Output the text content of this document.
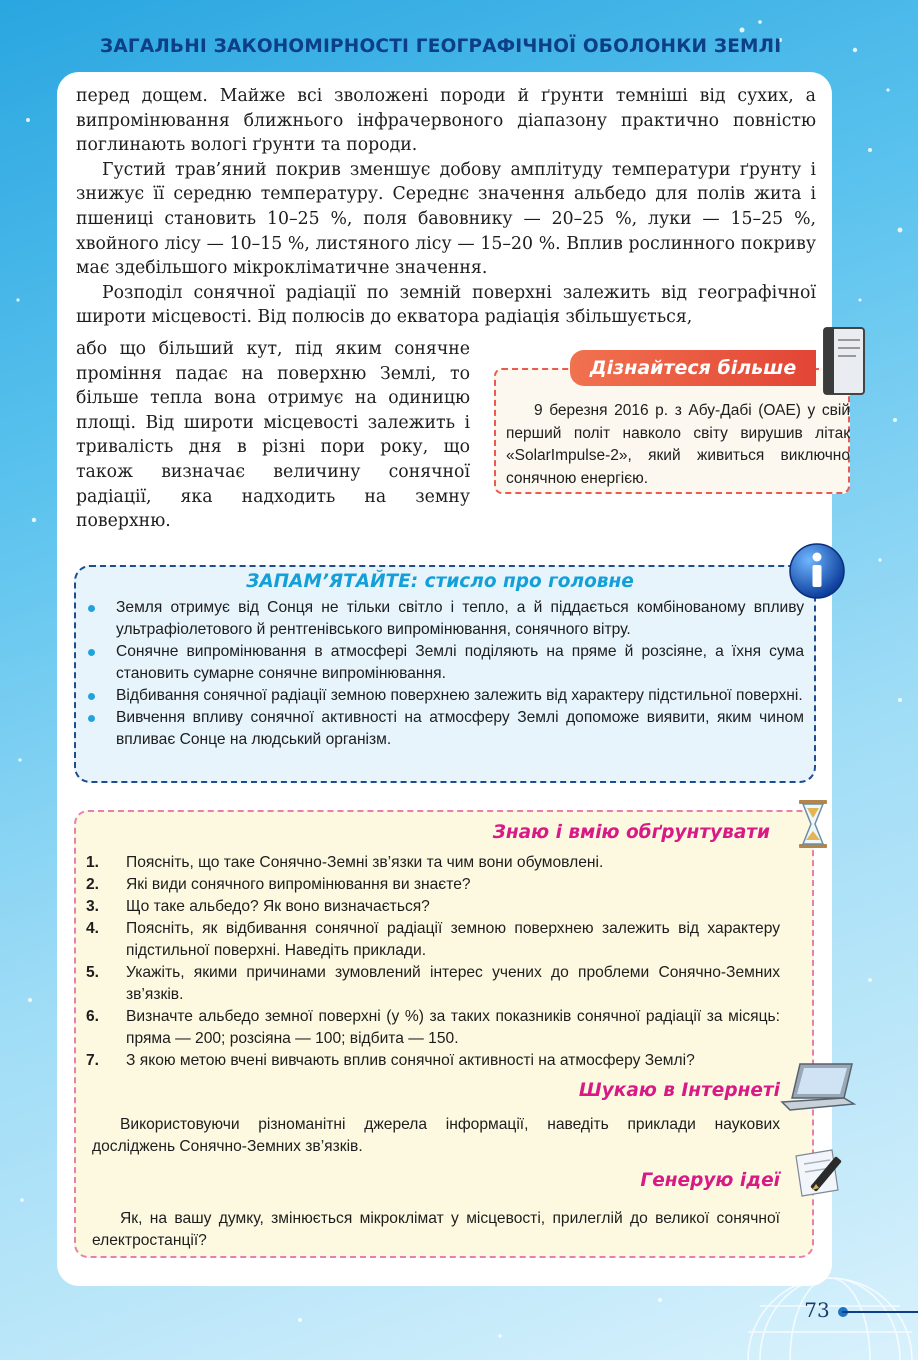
ЗАГАЛЬНІ ЗАКОНОМІРНОСТІ ГЕОГРАФІЧНОЇ ОБОЛОНКИ ЗЕМЛІ

перед дощем. Майже всі зволожені породи й ґрунти темніші від сухих, а випромінювання ближнього інфрачервоного діапазону практично повністю поглинають вологі ґрунти та породи.

Густий трав’яний покрив зменшує добову амплітуду температури ґрунту і знижує її середню температуру. Середнє значення альбедо для полів жита і пшениці становить 10–25 %, поля бавовнику — 20–25 %, луки — 15–25 %, хвойного лісу — 10–15 %, листяного лісу — 15–20 %. Вплив рослинного покриву має здебільшого мікрокліматичне значення.

Розподіл сонячної радіації по земній поверхні залежить від географічної широти місцевості. Від полюсів до екватора радіація збільшується,

або що більший кут, під яким сонячне проміння падає на поверхню Землі, то більше тепла вона отримує на одиницю площі. Від широти місцевості залежить і тривалість дня в різні пори року, що також визначає величину сонячної радіації, яка надходить на земну поверхню.
Дізнайтеся більше
9 березня 2016 р. з Абу-Дабі (ОАЕ) у свій перший політ навколо світу вирушив літак «SolarImpulse-2», який живиться виключно сонячною енергією.
ЗАПАМ’ЯТАЙТЕ: стисло про головне
Земля отримує від Сонця не тільки світло і тепло, а й піддається комбінованому впливу ультрафіолетового й рентгенівського випромінювання, сонячного вітру.
Сонячне випромінювання в атмосфері Землі поділяють на пряме й розсіяне, а їхня сума становить сумарне сонячне випромінювання.
Відбивання сонячної радіації земною поверхнею залежить від характеру підстильної поверхні.
Вивчення впливу сонячної активності на атмосферу Землі допоможе виявити, яким чином впливає Сонце на людський організм.
Знаю і вмію обґрунтувати
1. Поясніть, що таке Сонячно-Земні зв’язки та чим вони обумовлені.
2. Які види сонячного випромінювання ви знаєте?
3. Що таке альбедо? Як воно визначається?
4. Поясніть, як відбивання сонячної радіації земною поверхнею залежить від характеру підстильної поверхні. Наведіть приклади.
5. Укажіть, якими причинами зумовлений інтерес учених до проблеми Сонячно-Земних зв’язків.
6. Визначте альбедо земної поверхні (у %) за таких показників сонячної радіації за місяць: пряма — 200; розсіяна — 100; відбита — 150.
7. З якою метою вчені вивчають вплив сонячної активності на атмосферу Землі?
Шукаю в Інтернеті
Використовуючи різноманітні джерела інформації, наведіть приклади наукових досліджень Сонячно-Земних зв’язків.
Генерую ідеї
Як, на вашу думку, змінюється мікроклімат у місцевості, прилеглій до великої сонячної електростанції?
73
